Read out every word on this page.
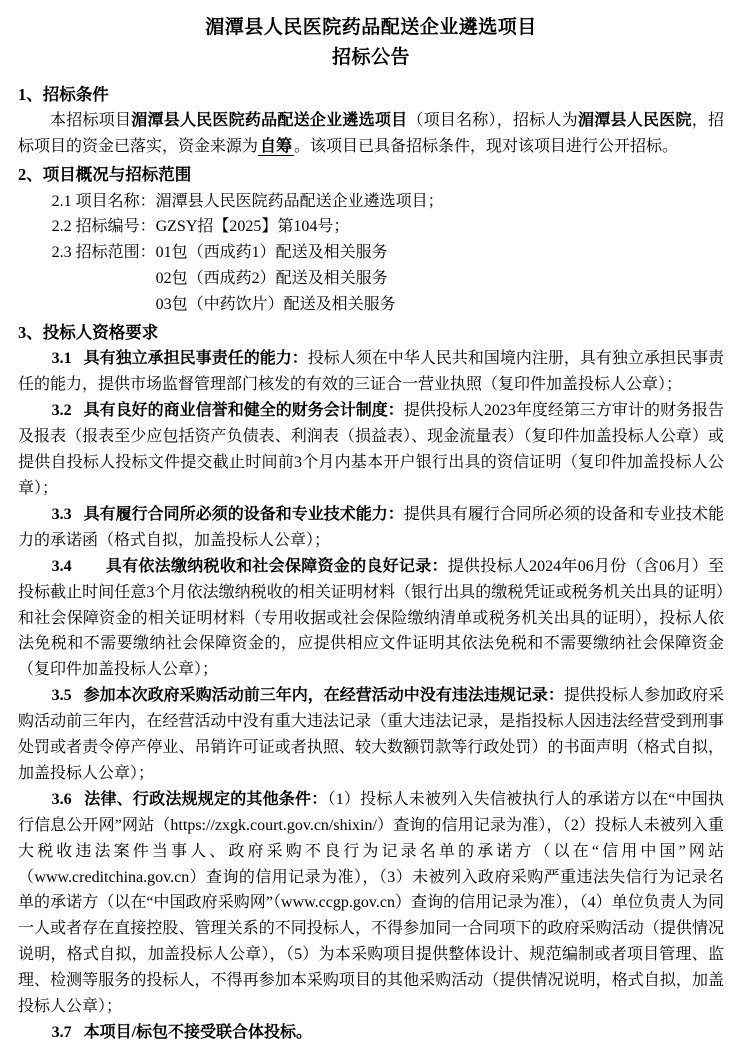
湄潭县人民医院药品配送企业遴选项目
招标公告
1、招标条件

本招标项目湄潭县人民医院药品配送企业遴选项目（项目名称），招标人为湄潭县人民医院，招标项目的资金已落实，资金来源为 自筹 。该项目已具备招标条件，现对该项目进行公开招标。

2、项目概况与招标范围

2.1 项目名称：湄潭县人民医院药品配送企业遴选项目；

2.2 招标编号：GZSY招【2025】第104号；

2.3 招标范围：01包（西成药1）配送及相关服务

02包（西成药2）配送及相关服务

03包（中药饮片）配送及相关服务

3、投标人资格要求

3.1 具有独立承担民事责任的能力：投标人须在中华人民共和国境内注册，具有独立承担民事责任的能力，提供市场监督管理部门核发的有效的三证合一营业执照（复印件加盖投标人公章）；

3.2 具有良好的商业信誉和健全的财务会计制度：提供投标人2023年度经第三方审计的财务报告及报表（报表至少应包括资产负债表、利润表（损益表）、现金流量表）（复印件加盖投标人公章）或提供自投标人投标文件提交截止时间前3个月内基本开户银行出具的资信证明（复印件加盖投标人公章）；

3.3 具有履行合同所必须的设备和专业技术能力：提供具有履行合同所必须的设备和专业技术能力的承诺函（格式自拟，加盖投标人公章）；

3.4 具有依法缴纳税收和社会保障资金的良好记录：提供投标人2024年06月份（含06月）至投标截止时间任意3个月依法缴纳税收的相关证明材料（银行出具的缴税凭证或税务机关出具的证明）和社会保障资金的相关证明材料（专用收据或社会保险缴纳清单或税务机关出具的证明），投标人依法免税和不需要缴纳社会保障资金的，应提供相应文件证明其依法免税和不需要缴纳社会保障资金（复印件加盖投标人公章）；

3.5 参加本次政府采购活动前三年内，在经营活动中没有违法违规记录：提供投标人参加政府采购活动前三年内，在经营活动中没有重大违法记录（重大违法记录，是指投标人因违法经营受到刑事处罚或者责令停产停业、吊销许可证或者执照、较大数额罚款等行政处罚）的书面声明（格式自拟，加盖投标人公章）；

3.6 法律、行政法规规定的其他条件：（1）投标人未被列入失信被执行人的承诺方以在“中国执行信息公开网”网站（https://zxgk.court.gov.cn/shixin/）查询的信用记录为准），（2）投标人未被列入重大税收违法案件当事人、政府采购不良行为记录名单的承诺方（以在“信用中国”网站（www.creditchina.gov.cn）查询的信用记录为准），（3）未被列入政府采购严重违法失信行为记录名单的承诺方（以在“中国政府采购网”（www.ccgp.gov.cn）查询的信用记录为准），（4）单位负责人为同一人或者存在直接控股、管理关系的不同投标人，不得参加同一合同项下的政府采购活动（提供情况说明，格式自拟，加盖投标人公章），（5）为本采购项目提供整体设计、规范编制或者项目管理、监理、检测等服务的投标人，不得再参加本采购项目的其他采购活动（提供情况说明，格式自拟，加盖投标人公章）；

3.7 本项目/标包不接受联合体投标。
